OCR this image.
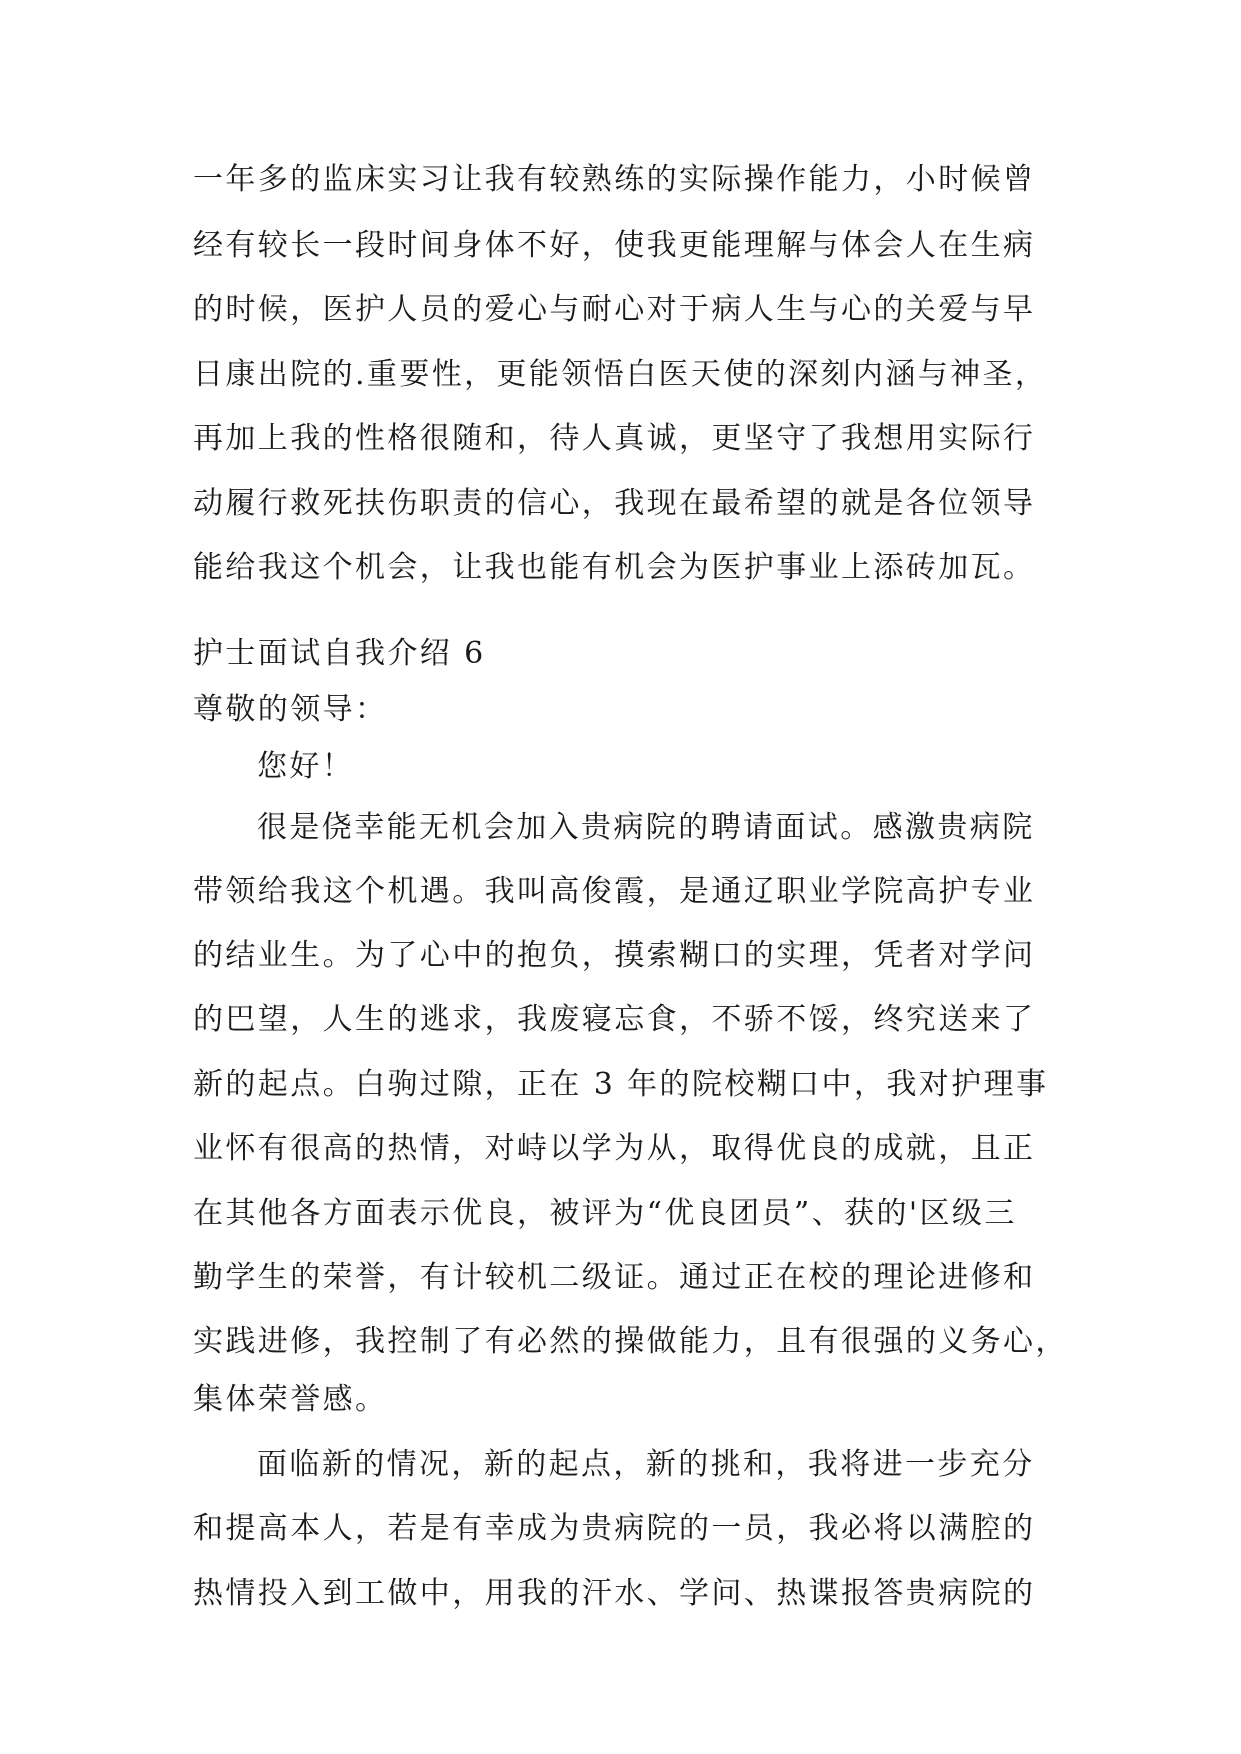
一年多的监床实习让我有较熟练的实际操作能力，小时候曾
经有较长一段时间身体不好，使我更能理解与体会人在生病
的时候，医护人员的爱心与耐心对于病人生与心的关爱与早
日康出院的.重要性，更能领悟白医天使的深刻内涵与神圣，
再加上我的性格很随和，待人真诚，更坚守了我想用实际行
动履行救死扶伤职责的信心，我现在最希望的就是各位领导
能给我这个机会，让我也能有机会为医护事业上添砖加瓦。
护士面试自我介绍 6
尊敬的领导：
您好！
很是侥幸能无机会加入贵病院的聘请面试。感激贵病院
带领给我这个机遇。我叫高俊霞，是通辽职业学院高护专业
的结业生。为了心中的抱负，摸索糊口的实理，凭者对学问
的巴望，人生的逃求，我废寝忘食，不骄不馁，终究送来了
新的起点。白驹过隙，正在 3 年的院校糊口中，我对护理事
业怀有很高的热情，对峙以学为从，取得优良的成就，且正
在其他各方面表示优良，被评为“优良团员”、获的'区级三
勤学生的荣誉，有计较机二级证。通过正在校的理论进修和
实践进修，我控制了有必然的操做能力，且有很强的义务心，
集体荣誉感。
面临新的情况，新的起点，新的挑和，我将进一步充分
和提高本人，若是有幸成为贵病院的一员，我必将以满腔的
热情投入到工做中，用我的汗水、学问、热谍报答贵病院的
